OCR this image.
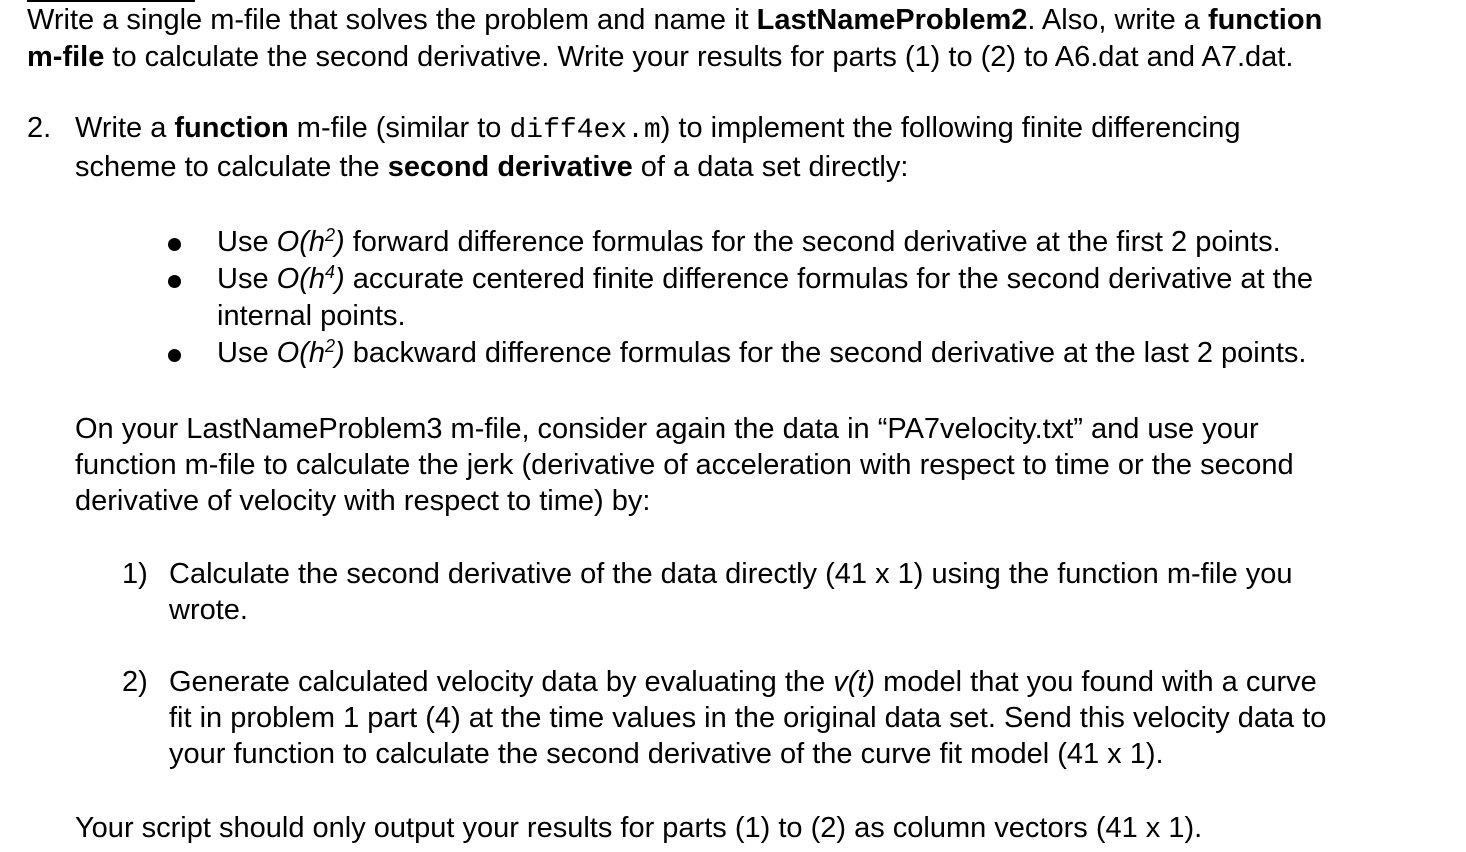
Write a single m-file that solves the problem and name it LastNameProblem2. Also, write a function
m-file to calculate the second derivative. Write your results for parts (1) to (2) to A6.dat and A7.dat.
2. Write a function m-file (similar to diff4ex.m) to implement the following finite differencing
scheme to calculate the second derivative of a data set directly:
Use $O(h^2)$ forward difference formulas for the second derivative at the first 2 points.
Use $O(h^4)$ accurate centered finite difference formulas for the second derivative at the
internal points.
Use $O(h^2)$ backward difference formulas for the second derivative at the last 2 points.
On your LastNameProblem3 m-file, consider again the data in “PA7velocity.txt” and use your
function m-file to calculate the jerk (derivative of acceleration with respect to time or the second
derivative of velocity with respect to time) by:
1) Calculate the second derivative of the data directly (41 x 1) using the function m-file you
wrote.
2) Generate calculated velocity data by evaluating the v(t) model that you found with a curve
fit in problem 1 part (4) at the time values in the original data set. Send this velocity data to
your function to calculate the second derivative of the curve fit model (41 x 1).
Your script should only output your results for parts (1) to (2) as column vectors (41 x 1).
